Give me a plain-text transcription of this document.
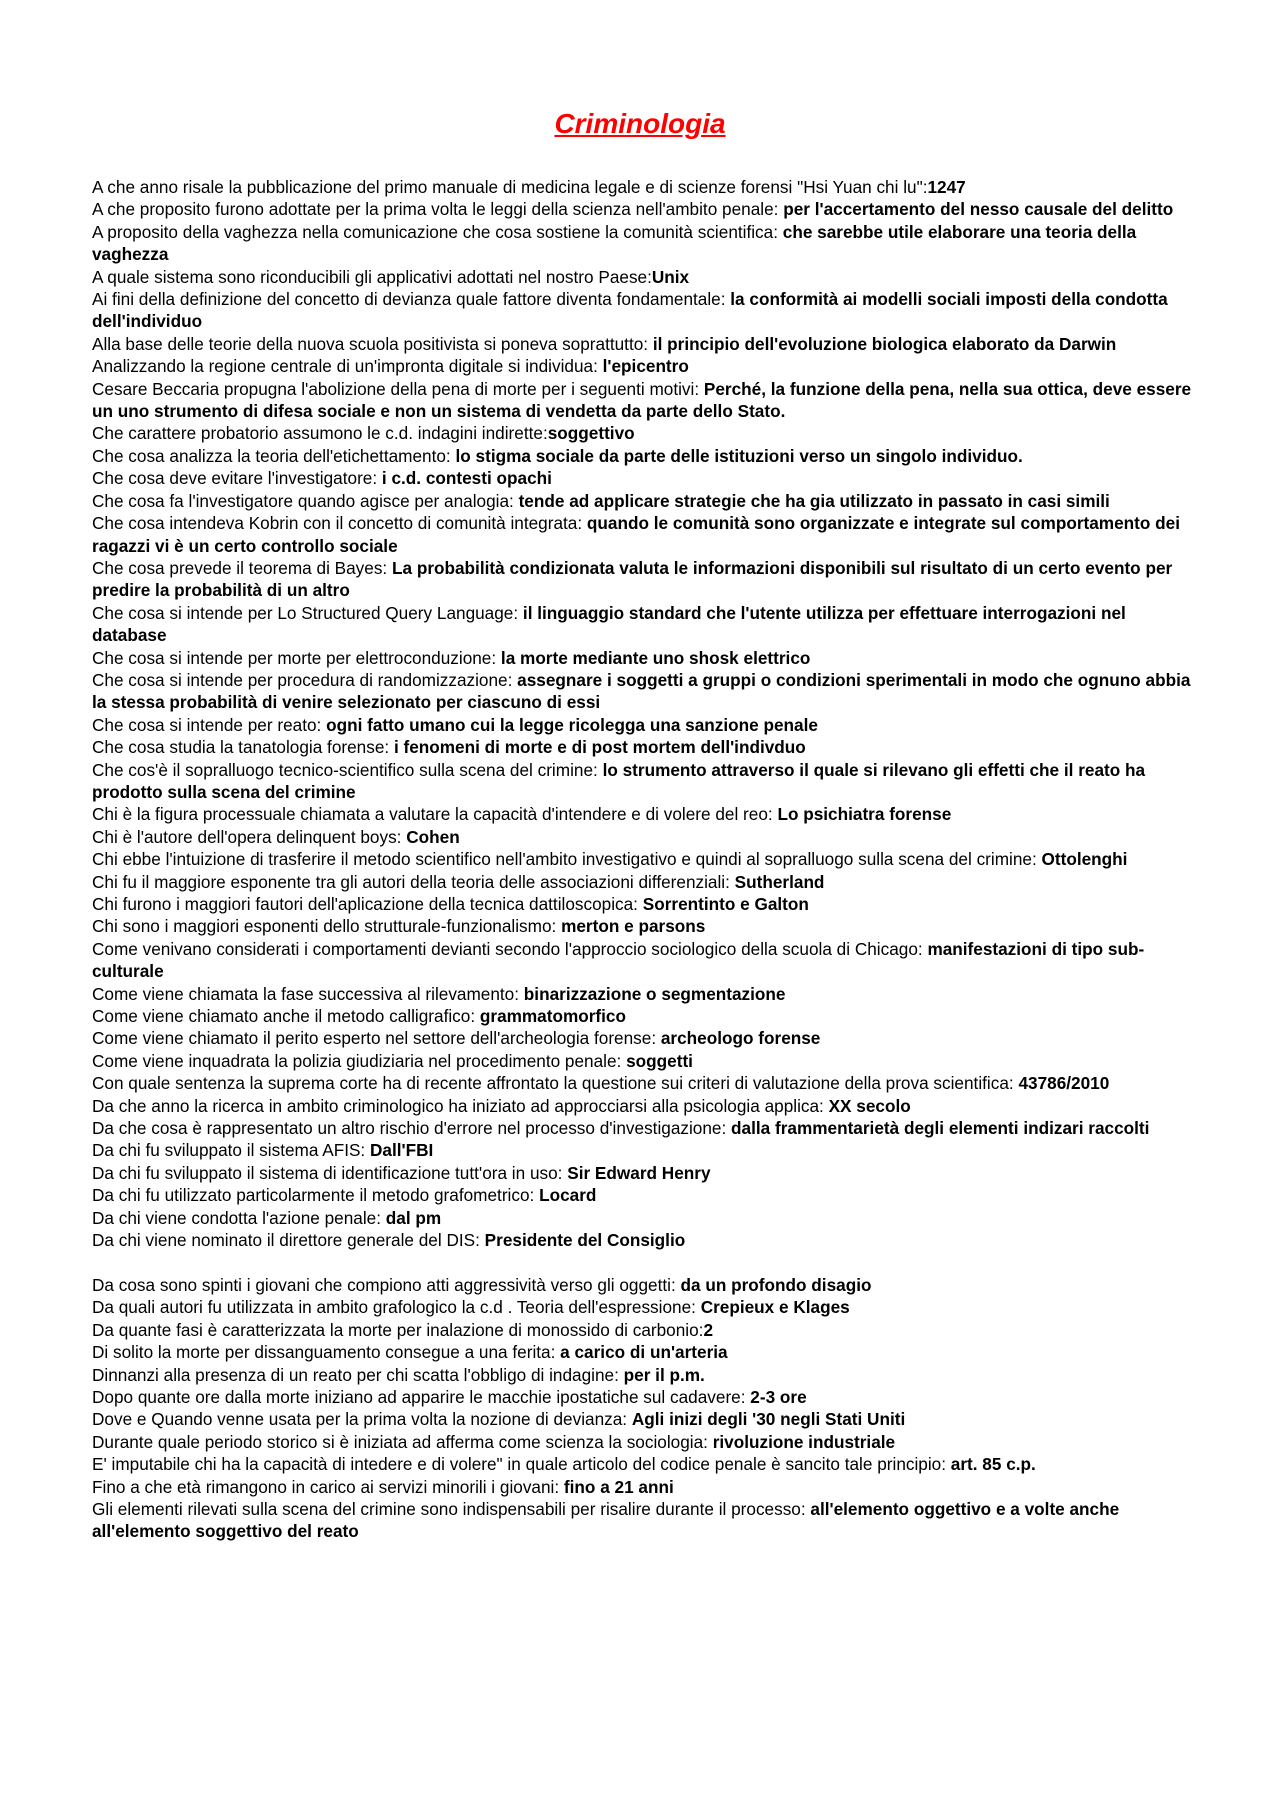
Criminologia
A che anno risale la pubblicazione del primo manuale di medicina legale e di scienze forensi "Hsi Yuan chi lu":1247
A che proposito furono adottate per la prima volta le leggi della scienza nell'ambito penale: per l'accertamento del nesso causale del delitto
A proposito della vaghezza nella comunicazione che cosa sostiene la comunità scientifica: che sarebbe utile elaborare una teoria della vaghezza
A quale sistema sono riconducibili gli applicativi adottati nel nostro Paese:Unix
Ai fini della definizione del concetto di devianza quale fattore diventa fondamentale: la conformità ai modelli sociali imposti della condotta dell'individuo
Alla base delle teorie della nuova scuola positivista si poneva soprattutto: il principio dell'evoluzione biologica elaborato da Darwin
Analizzando la regione centrale di un'impronta digitale si individua: l'epicentro
Cesare Beccaria propugna l'abolizione della pena di morte per i seguenti motivi: Perché, la funzione della pena, nella sua ottica, deve essere un uno strumento di difesa sociale e non un sistema di vendetta da parte dello Stato.
Che carattere probatorio assumono le c.d. indagini indirette:soggettivo
Che cosa analizza la teoria dell'etichettamento: lo stigma sociale da parte delle istituzioni verso un singolo individuo.
Che cosa deve evitare l'investigatore: i c.d. contesti opachi
Che cosa fa l'investigatore quando agisce per analogia: tende ad applicare strategie che ha gia utilizzato in passato in casi simili
Che cosa intendeva Kobrin con il concetto di comunità integrata: quando le comunità sono organizzate e integrate sul comportamento dei ragazzi vi è un certo controllo sociale
Che cosa prevede il teorema di Bayes: La probabilità condizionata valuta le informazioni disponibili sul risultato di un certo evento per predire la probabilità di un altro
Che cosa si intende per Lo Structured Query Language: il linguaggio standard che l'utente utilizza per effettuare interrogazioni nel database
Che cosa si intende per morte per elettroconduzione: la morte mediante uno shosk elettrico
Che cosa si intende per procedura di randomizzazione: assegnare i soggetti a gruppi o condizioni sperimentali in modo che ognuno abbia la stessa probabilità di venire selezionato per ciascuno di essi
Che cosa si intende per reato: ogni fatto umano cui la legge ricolegga una sanzione penale
Che cosa studia la tanatologia forense: i fenomeni di morte e di post mortem dell'indivduo
Che cos'è il sopralluogo tecnico-scientifico sulla scena del crimine: lo strumento attraverso il quale si rilevano gli effetti che il reato ha prodotto sulla scena del crimine
Chi è la figura processuale chiamata a valutare la capacità d'intendere e di volere del reo: Lo psichiatra forense
Chi è l'autore dell'opera delinquent boys: Cohen
Chi ebbe l'intuizione di trasferire il metodo scientifico nell'ambito investigativo e quindi al sopralluogo sulla scena del crimine: Ottolenghi
Chi fu il maggiore esponente tra gli autori della teoria delle associazioni differenziali: Sutherland
Chi furono i maggiori fautori dell'aplicazione della tecnica dattiloscopica: Sorrentinto e Galton
Chi sono i maggiori esponenti dello strutturale-funzionalismo: merton e parsons
Come venivano considerati i comportamenti devianti secondo l'approccio sociologico della scuola di Chicago: manifestazioni di tipo sub-culturale
Come viene chiamata la fase successiva al rilevamento: binarizzazione o segmentazione
Come viene chiamato anche il metodo calligrafico: grammatomorfico
Come viene chiamato il perito esperto nel settore dell'archeologia forense: archeologo forense
Come viene inquadrata la polizia giudiziaria nel procedimento penale: soggetti
Con quale sentenza la suprema corte ha di recente affrontato la questione sui criteri di valutazione della prova scientifica: 43786/2010
Da che anno la ricerca in ambito criminologico ha iniziato ad approcciarsi alla psicologia applica: XX secolo
Da che cosa è rappresentato un altro rischio d'errore nel processo d'investigazione: dalla frammentarietà degli elementi indizari raccolti
Da chi fu sviluppato il sistema AFIS: Dall'FBI
Da chi fu sviluppato il sistema di identificazione tutt'ora in uso: Sir Edward Henry
Da chi fu utilizzato particolarmente il metodo grafometrico: Locard
Da chi viene condotta l'azione penale: dal pm
Da chi viene nominato il direttore generale del DIS: Presidente del Consiglio
Da cosa sono spinti i giovani che compiono atti aggressività verso gli oggetti: da un profondo disagio
Da quali autori fu utilizzata in ambito grafologico la c.d . Teoria dell'espressione: Crepieux e Klages
Da quante fasi è caratterizzata la morte per inalazione di monossido di carbonio:2
Di solito la morte per dissanguamento consegue a una ferita: a carico di un'arteria
Dinnanzi alla presenza di un reato per chi scatta l'obbligo di indagine: per il p.m.
Dopo quante ore dalla morte iniziano ad apparire le macchie ipostatiche sul cadavere: 2-3 ore
Dove e Quando venne usata per la prima volta la nozione di devianza: Agli inizi degli '30 negli Stati Uniti
Durante quale periodo storico si è iniziata ad afferma come scienza la sociologia: rivoluzione industriale
E' imputabile chi ha la capacità di intedere e di volere" in quale articolo del codice penale è sancito tale principio: art. 85 c.p.
Fino a che età rimangono in carico ai servizi minorili i giovani: fino a 21 anni
Gli elementi rilevati sulla scena del crimine sono indispensabili per risalire durante il processo: all'elemento oggettivo e a volte anche all'elemento soggettivo del reato
